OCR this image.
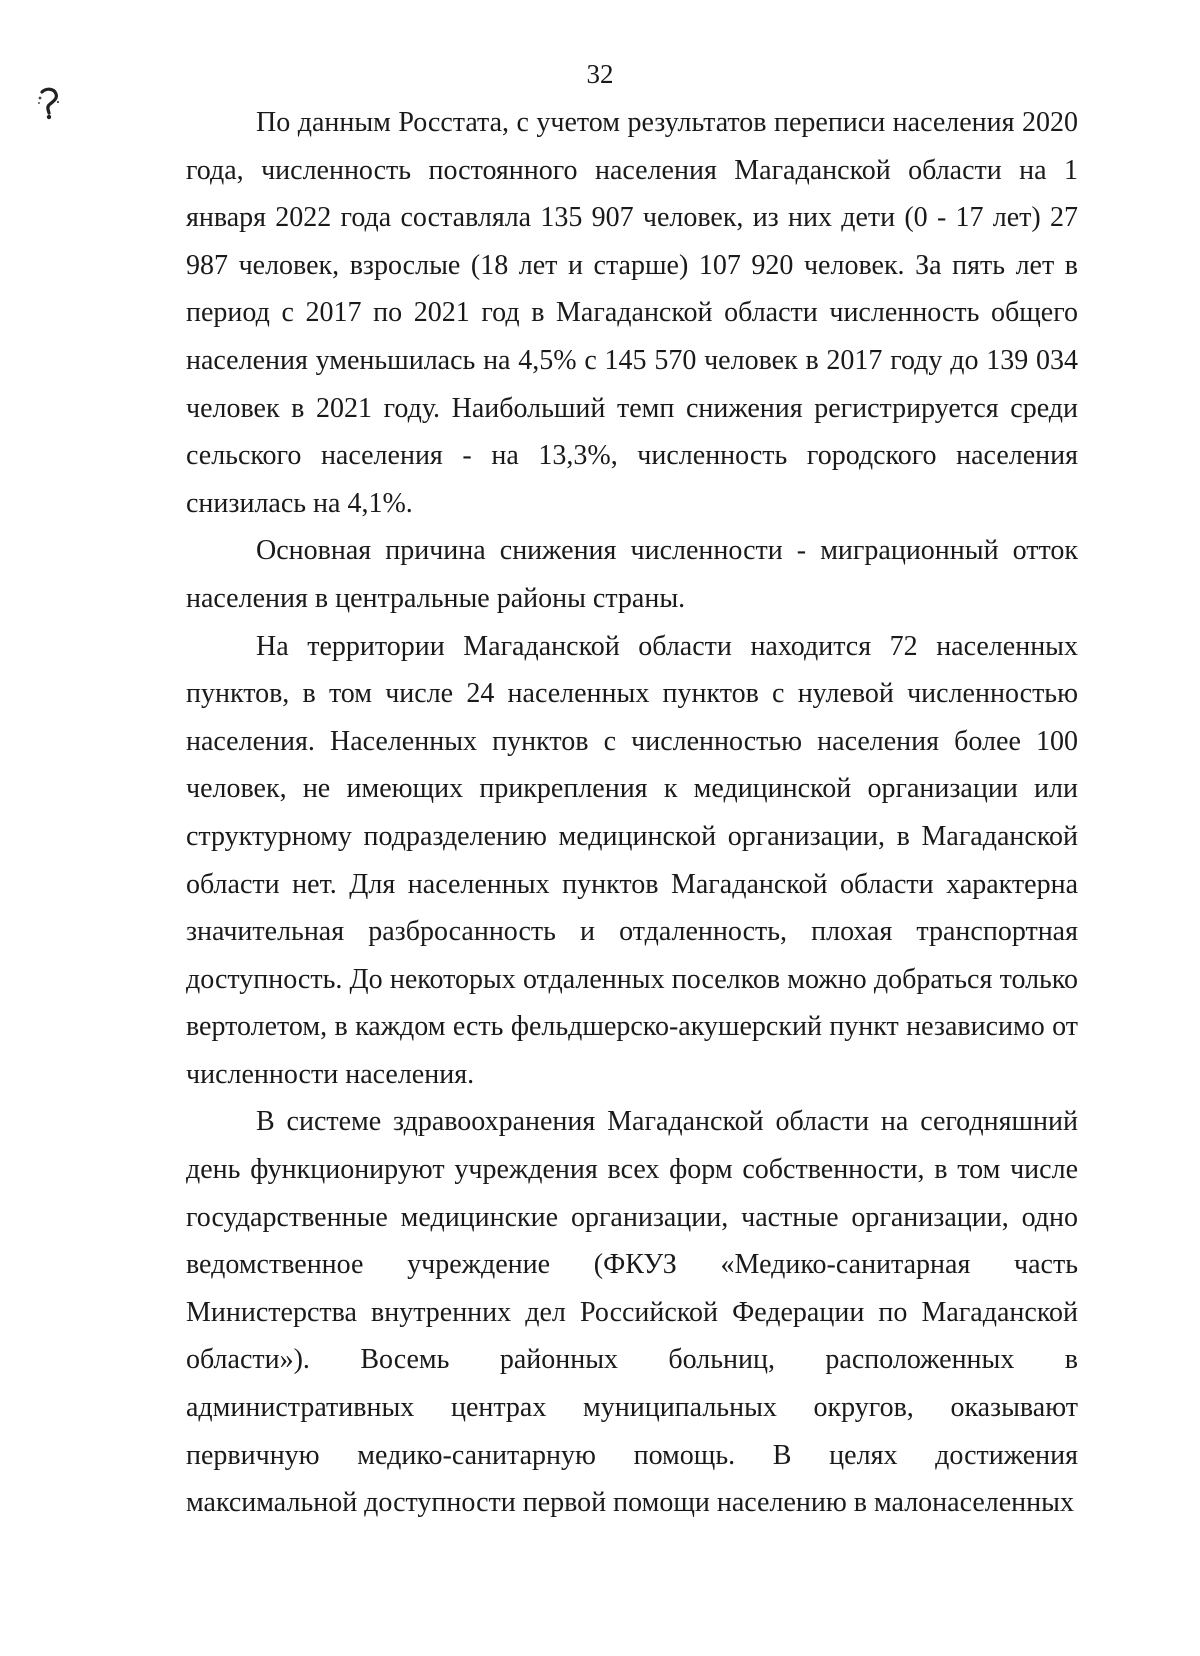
32

По данным Росстата, с учетом результатов переписи населения 2020 года, численность постоянного населения Магаданской области на 1 января 2022 года составляла 135 907 человек, из них дети (0 - 17 лет) 27 987 человек, взрослые (18 лет и старше) 107 920 человек. За пять лет в период с 2017 по 2021 год в Магаданской области численность общего населения уменьшилась на 4,5% с 145 570 человек в 2017 году до 139 034 человек в 2021 году. Наибольший темп снижения регистрируется среди сельского населения - на 13,3%, численность городского населения снизилась на 4,1%.

Основная причина снижения численности - миграционный отток населения в центральные районы страны.

На территории Магаданской области находится 72 населенных пунктов, в том числе 24 населенных пунктов с нулевой численностью населения. Населенных пунктов с численностью населения более 100 человек, не имеющих прикрепления к медицинской организации или структурному подразделению медицинской организации, в Магаданской области нет. Для населенных пунктов Магаданской области характерна значительная разбросанность и отдаленность, плохая транспортная доступность. До некоторых отдаленных поселков можно добраться только вертолетом, в каждом есть фельдшерско-акушерский пункт независимо от численности населения.

В системе здравоохранения Магаданской области на сегодняшний день функционируют учреждения всех форм собственности, в том числе государственные медицинские организации, частные организации, одно ведомственное учреждение (ФКУЗ «Медико-санитарная часть Министерства внутренних дел Российской Федерации по Магаданской области»). Восемь районных больниц, расположенных в административных центрах муниципальных округов, оказывают первичную медико-санитарную помощь. В целях достижения максимальной доступности первой помощи населению в малонаселенных
